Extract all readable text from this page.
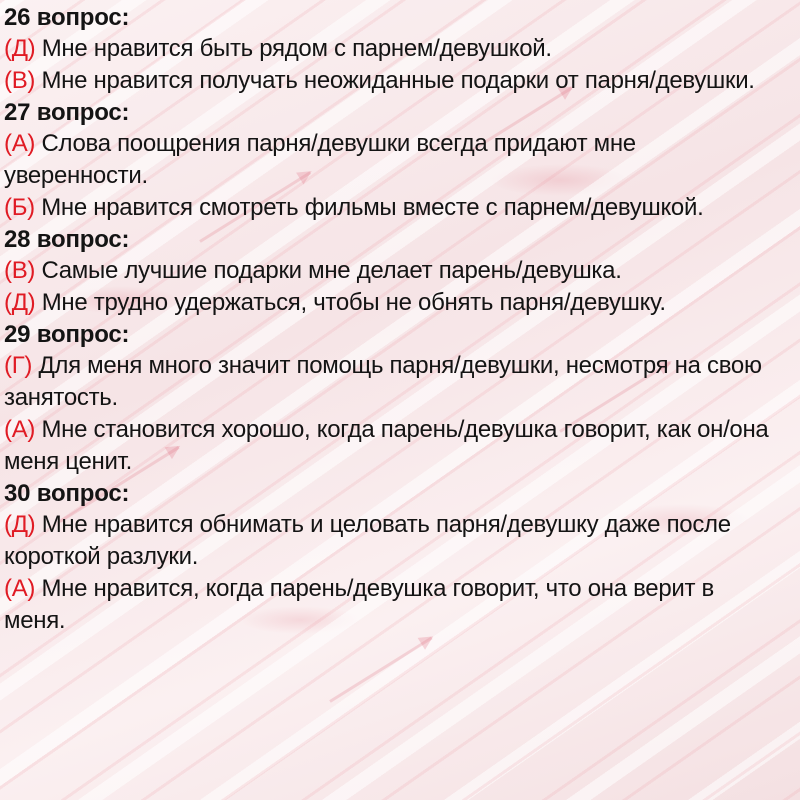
26 вопрос:
(Д) Мне нравится быть рядом с парнем/девушкой.
(В) Мне нравится получать неожиданные подарки от парня/девушки.
27 вопрос:
(А) Слова поощрения парня/девушки всегда придают мне уверенности.
(Б) Мне нравится смотреть фильмы вместе с парнем/девушкой.
28 вопрос:
(В) Самые лучшие подарки мне делает парень/девушка.
(Д) Мне трудно удержаться, чтобы не обнять парня/девушку.
29 вопрос:
(Г) Для меня много значит помощь парня/девушки, несмотря на свою занятость.
(А) Мне становится хорошо, когда парень/девушка говорит, как он/она меня ценит.
30 вопрос:
(Д) Мне нравится обнимать и целовать парня/девушку даже после короткой разлуки.
(А) Мне нравится, когда парень/девушка говорит, что она верит в меня.
